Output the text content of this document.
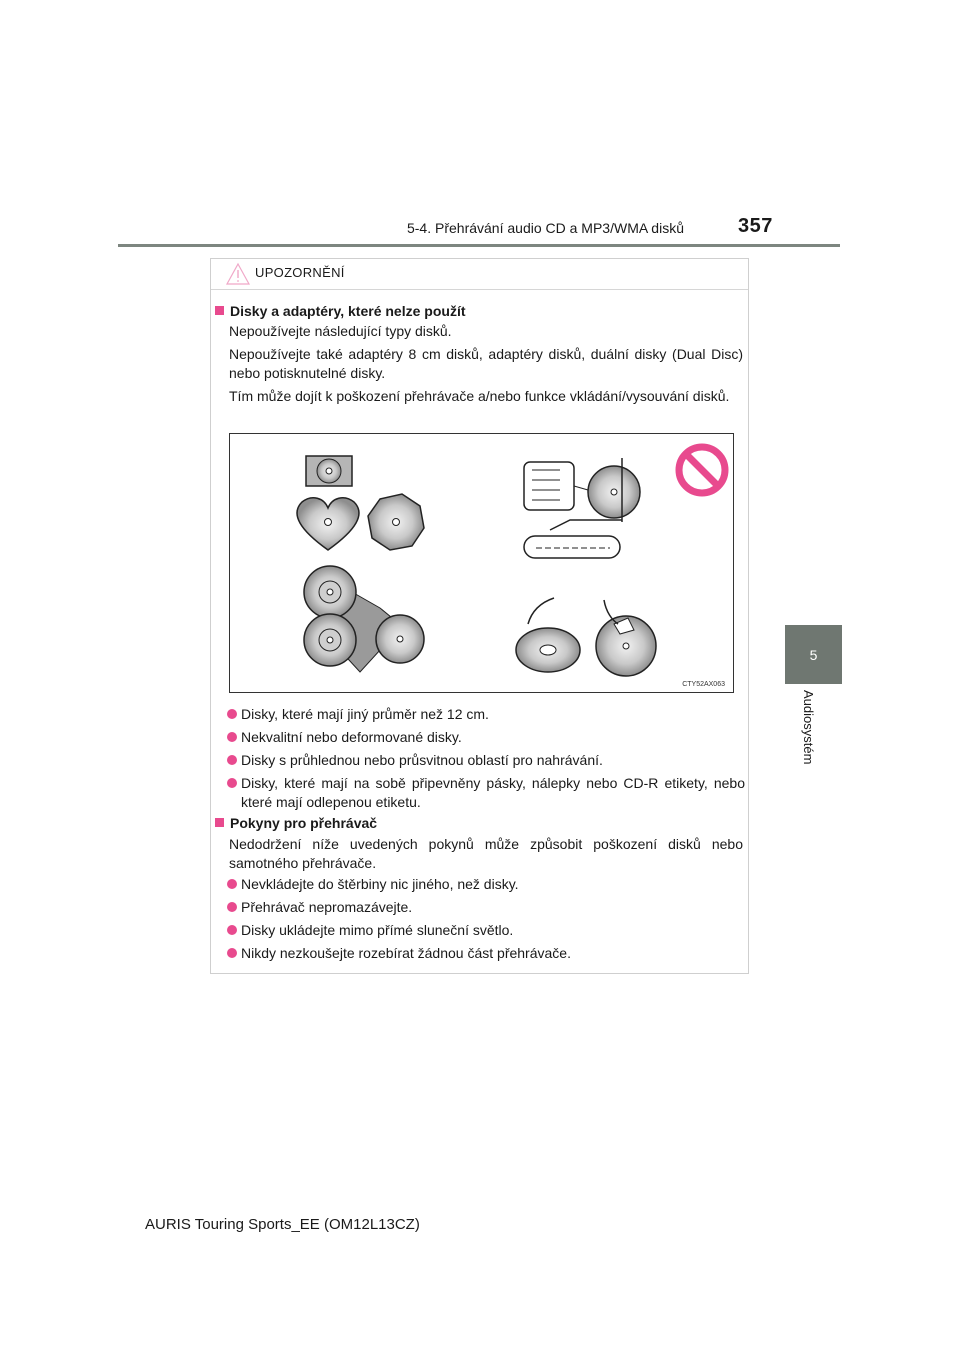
5-4. Přehrávání audio CD a MP3/WMA disků	357
5
Audiosystém
UPOZORNĚNÍ
Disky a adaptéry, které nelze použít
Nepoužívejte následující typy disků.
Nepoužívejte také adaptéry 8 cm disků, adaptéry disků, duální disky (Dual Disc) nebo potisknutelné disky.
Tím může dojít k poškození přehrávače a/nebo funkce vkládání/vysouvání disků.
CTY52AX063
Disky, které mají jiný průměr než 12 cm.
Nekvalitní nebo deformované disky.
Disky s průhlednou nebo průsvitnou oblastí pro nahrávání.
Disky, které mají na sobě připevněny pásky, nálepky nebo CD-R etikety, nebo které mají odlepenou etiketu.
Pokyny pro přehrávač
Nedodržení níže uvedených pokynů může způsobit poškození disků nebo samotného přehrávače.
Nevkládejte do štěrbiny nic jiného, než disky.
Přehrávač nepromazávejte.
Disky ukládejte mimo přímé sluneční světlo.
Nikdy nezkoušejte rozebírat žádnou část přehrávače.
AURIS Touring Sports_EE (OM12L13CZ)
